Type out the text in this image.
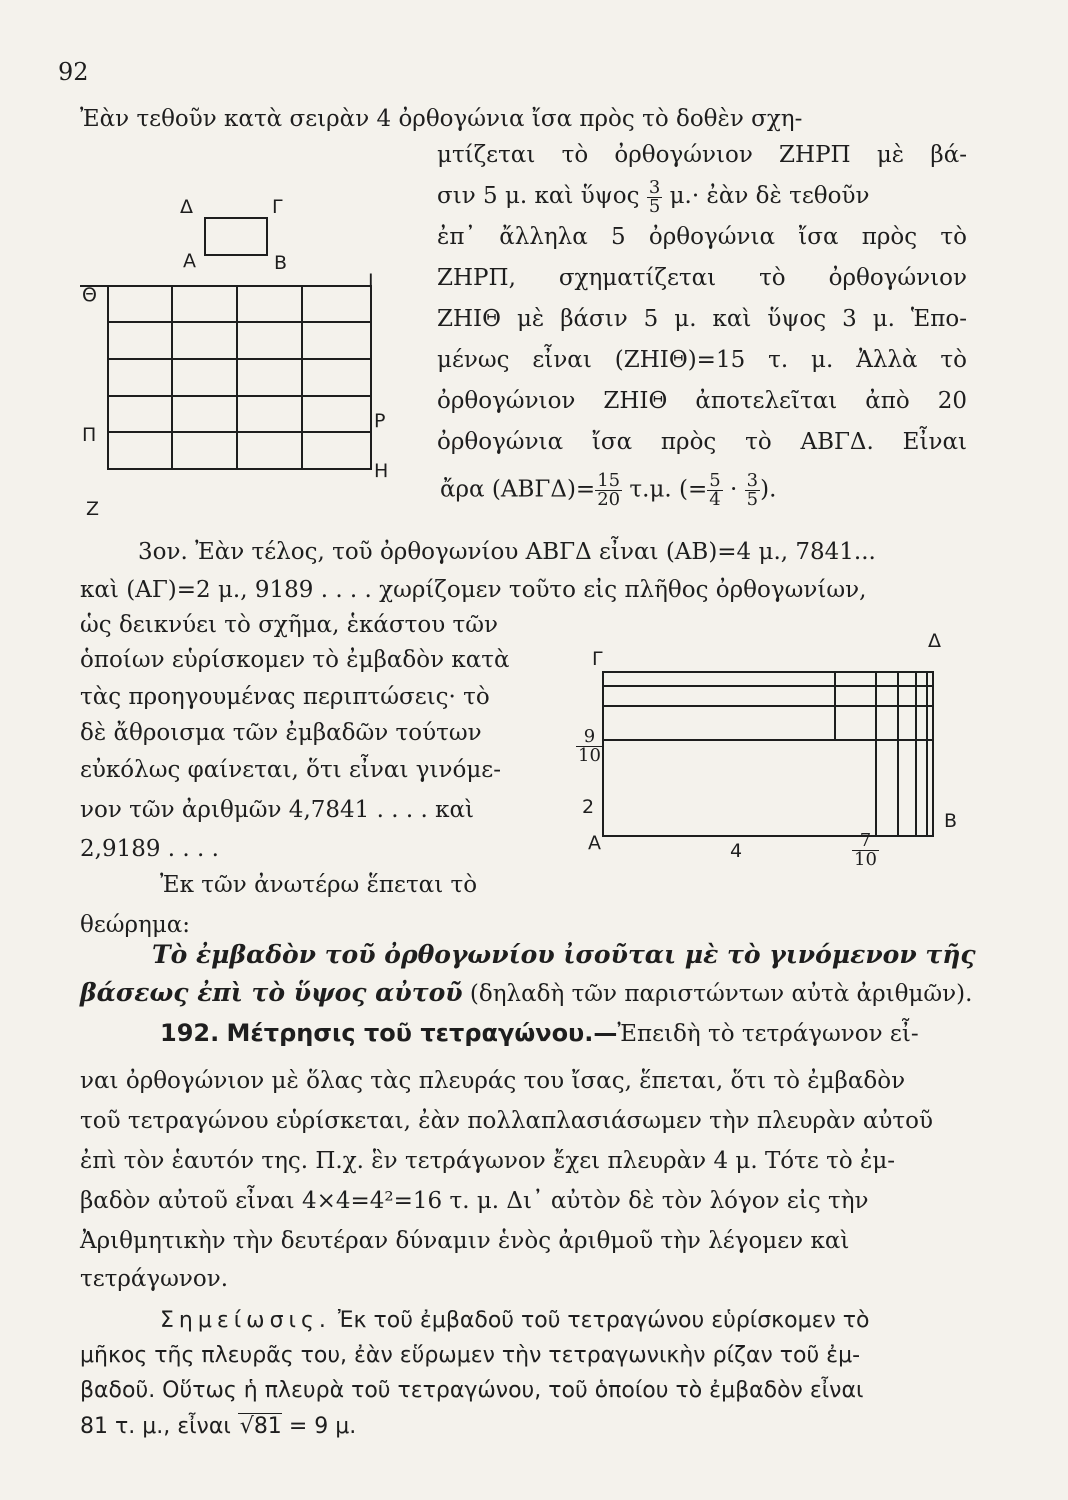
92
Ἐὰν τεθοῦν κατὰ σειρὰν 4 ὀρθογώνια ἴσα πρὸς τὸ δοθὲν σχη-
Δ	Γ
Α	Β
Θ
Ι
Π
Ρ
Ζ
Η
μτίζεται τὸ ὀρθογώνιον ΖΗΡΠ μὲ βά-
σιν 5 μ. καὶ ὕψος $\frac{3}{5} \mu.\cdot$ ἐὰν δὲ τεθοῦν
ἐπ᾿ ἄλληλα 5 ὀρθογώνια ἴσα πρὸς τὸ
ΖΗΡΠ, σχηματίζεται τὸ ὀρθογώνιον
ΖΗΙΘ μὲ βάσιν 5 μ. καὶ ὕψος 3 μ. Ἑπο-
μένως εἶναι (ΖΗΙΘ)=15 τ. μ. Ἀλλὰ τὸ
ὀρθογώνιον ΖΗΙΘ ἀποτελεῖται ἀπὸ 20
ὀρθογώνια ἴσα πρὸς τὸ ΑΒΓΔ. Εἶναι
ἄρα $(AB\Gamma\Delta)= \frac{15}{20} \tau.\mu$. (= $\frac{5}{4} \cdot \frac{3}{5}$ ).
3ον. Ἐὰν τέλος, τοῦ ὀρθογωνίου ΑΒΓΔ εἶναι (ΑΒ)=4 μ., 7841...
καὶ (ΑΓ)=2 μ., 9189 . . . . χωρίζομεν τοῦτο εἰς πλῆθος ὀρθογωνίων,
ὡς δεικνύει τὸ σχῆμα, ἑκάστου τῶν
ὁποίων εὑρίσκομεν τὸ ἐμβαδὸν κατὰ
τὰς προηγουμένας περιπτώσεις· τὸ
δὲ ἄθροισμα τῶν ἐμβαδῶν τούτων
εὐκόλως φαίνεται, ὅτι εἶναι γινόμε-
νον τῶν ἀριθμῶν 4,7841 . . . . καὶ
2,9189 . . . .
Γ
Δ
Α
Β
2
4
$\frac{9}{10}$
$\frac{7}{10}$
Ἐκ τῶν ἀνωτέρω ἕπεται τὸ
θεώρημα:
Τὸ ἐμβαδὸν τοῦ ὀρθογωνίου ἰσοῦται μὲ τὸ γινόμενον τῆς
βάσεως ἐπὶ τὸ ὕψος αὐτοῦ (δηλαδὴ τῶν παριστώντων αὐτὰ ἀριθμῶν).
192. Μέτρησις τοῦ τετραγώνου.—Ἐπειδὴ τὸ τετράγωνον εἶ-
ναι ὀρθογώνιον μὲ ὅλας τὰς πλευράς του ἴσας, ἕπεται, ὅτι τὸ ἐμβαδὸν
τοῦ τετραγώνου εὑρίσκεται, ἐὰν πολλαπλασιάσωμεν τὴν πλευρὰν αὐτοῦ
ἐπὶ τὸν ἑαυτόν της. Π.χ. ἓν τετράγωνον ἔχει πλευρὰν 4 μ. Τότε τὸ ἐμ-
βαδὸν αὐτοῦ εἶναι 4×4=4²=16 τ. μ. Δι᾿ αὐτὸν δὲ τὸν λόγον εἰς τὴν
Ἀριθμητικὴν τὴν δευτέραν δύναμιν ἑνὸς ἀριθμοῦ τὴν λέγομεν καὶ
τετράγωνον.
Σημείωσις. Ἐκ τοῦ ἐμβαδοῦ τοῦ τετραγώνου εὑρίσκομεν τὸ
μῆκος τῆς πλευρᾶς του, ἐὰν εὕρωμεν τὴν τετραγωνικὴν ρίζαν τοῦ ἐμ-
βαδοῦ. Οὕτως ἡ πλευρὰ τοῦ τετραγώνου, τοῦ ὁποίου τὸ ἐμβαδὸν εἶναι
81 τ. μ., εἶναι √81 = 9 μ.
